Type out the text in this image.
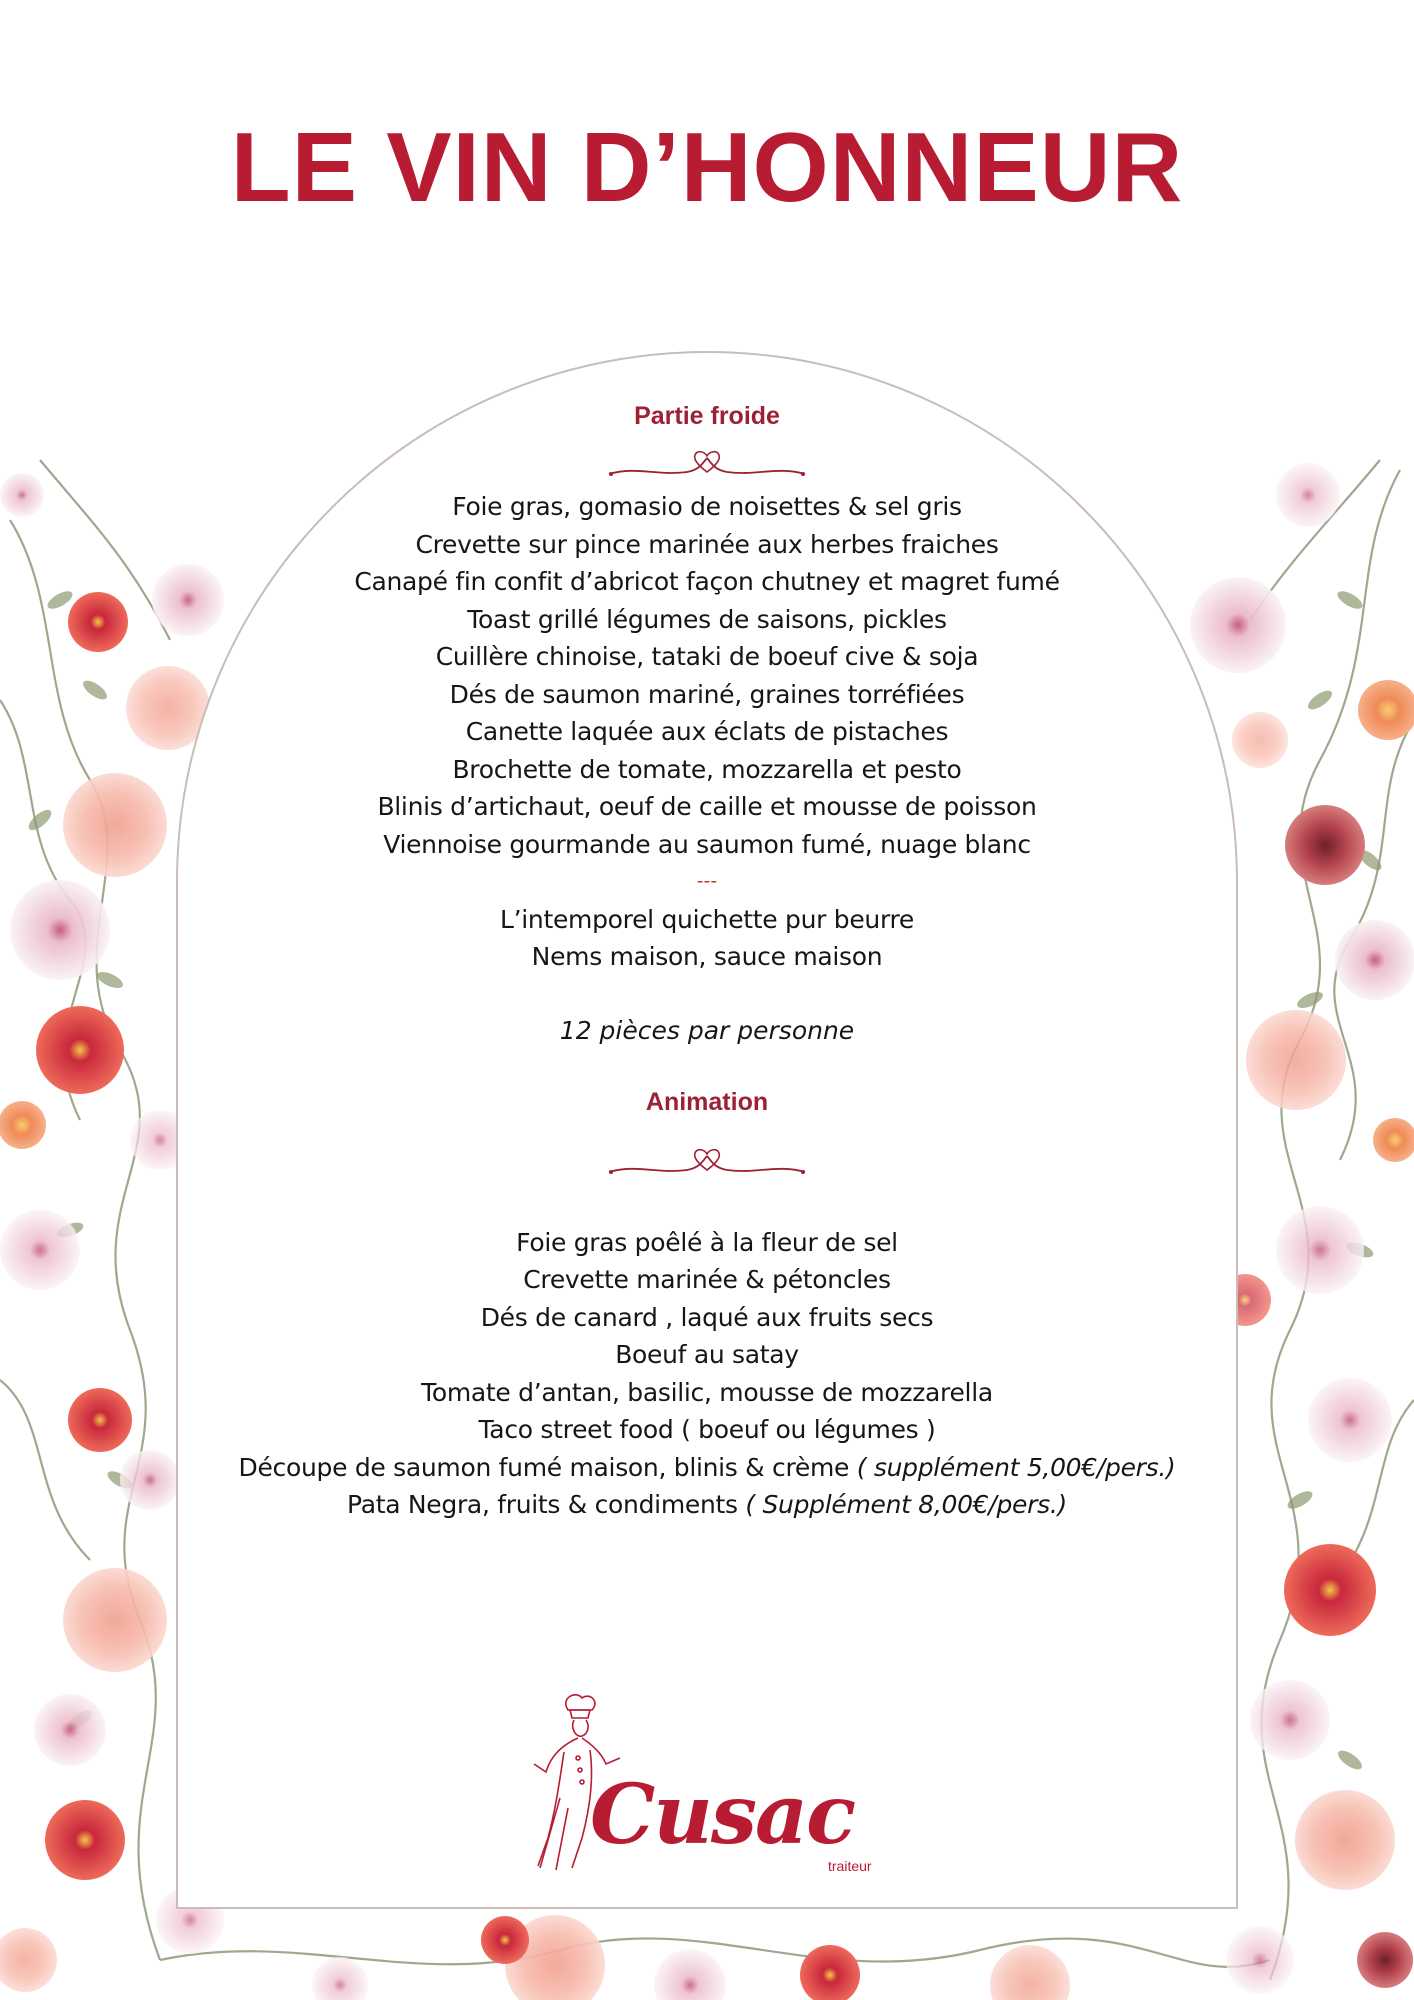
LE VIN D’HONNEUR
Partie froide
Foie gras, gomasio de noisettes & sel gris
Crevette sur pince marinée aux herbes fraiches
Canapé fin confit d’abricot façon chutney et magret fumé
Toast grillé légumes de saisons, pickles
Cuillère chinoise, tataki de boeuf cive & soja
Dés de saumon mariné, graines torréfiées
Canette laquée aux éclats de pistaches
Brochette de tomate, mozzarella et pesto
Blinis d’artichaut, oeuf de caille et mousse de poisson
Viennoise gourmande au saumon fumé, nuage blanc
---
L’intemporel quichette pur beurre
Nems maison, sauce maison
12 pièces par personne
Animation
Foie gras poêlé à la fleur de sel
Crevette marinée & pétoncles
Dés de canard , laqué aux fruits secs
Boeuf au satay
Tomate d’antan, basilic, mousse de mozzarella
Taco street food ( boeuf ou légumes )
Découpe de saumon fumé maison, blinis & crème ( supplément 5,00€/pers.)
Pata Negra, fruits & condiments ( Supplément 8,00€/pers.)
Cusac
traiteur
